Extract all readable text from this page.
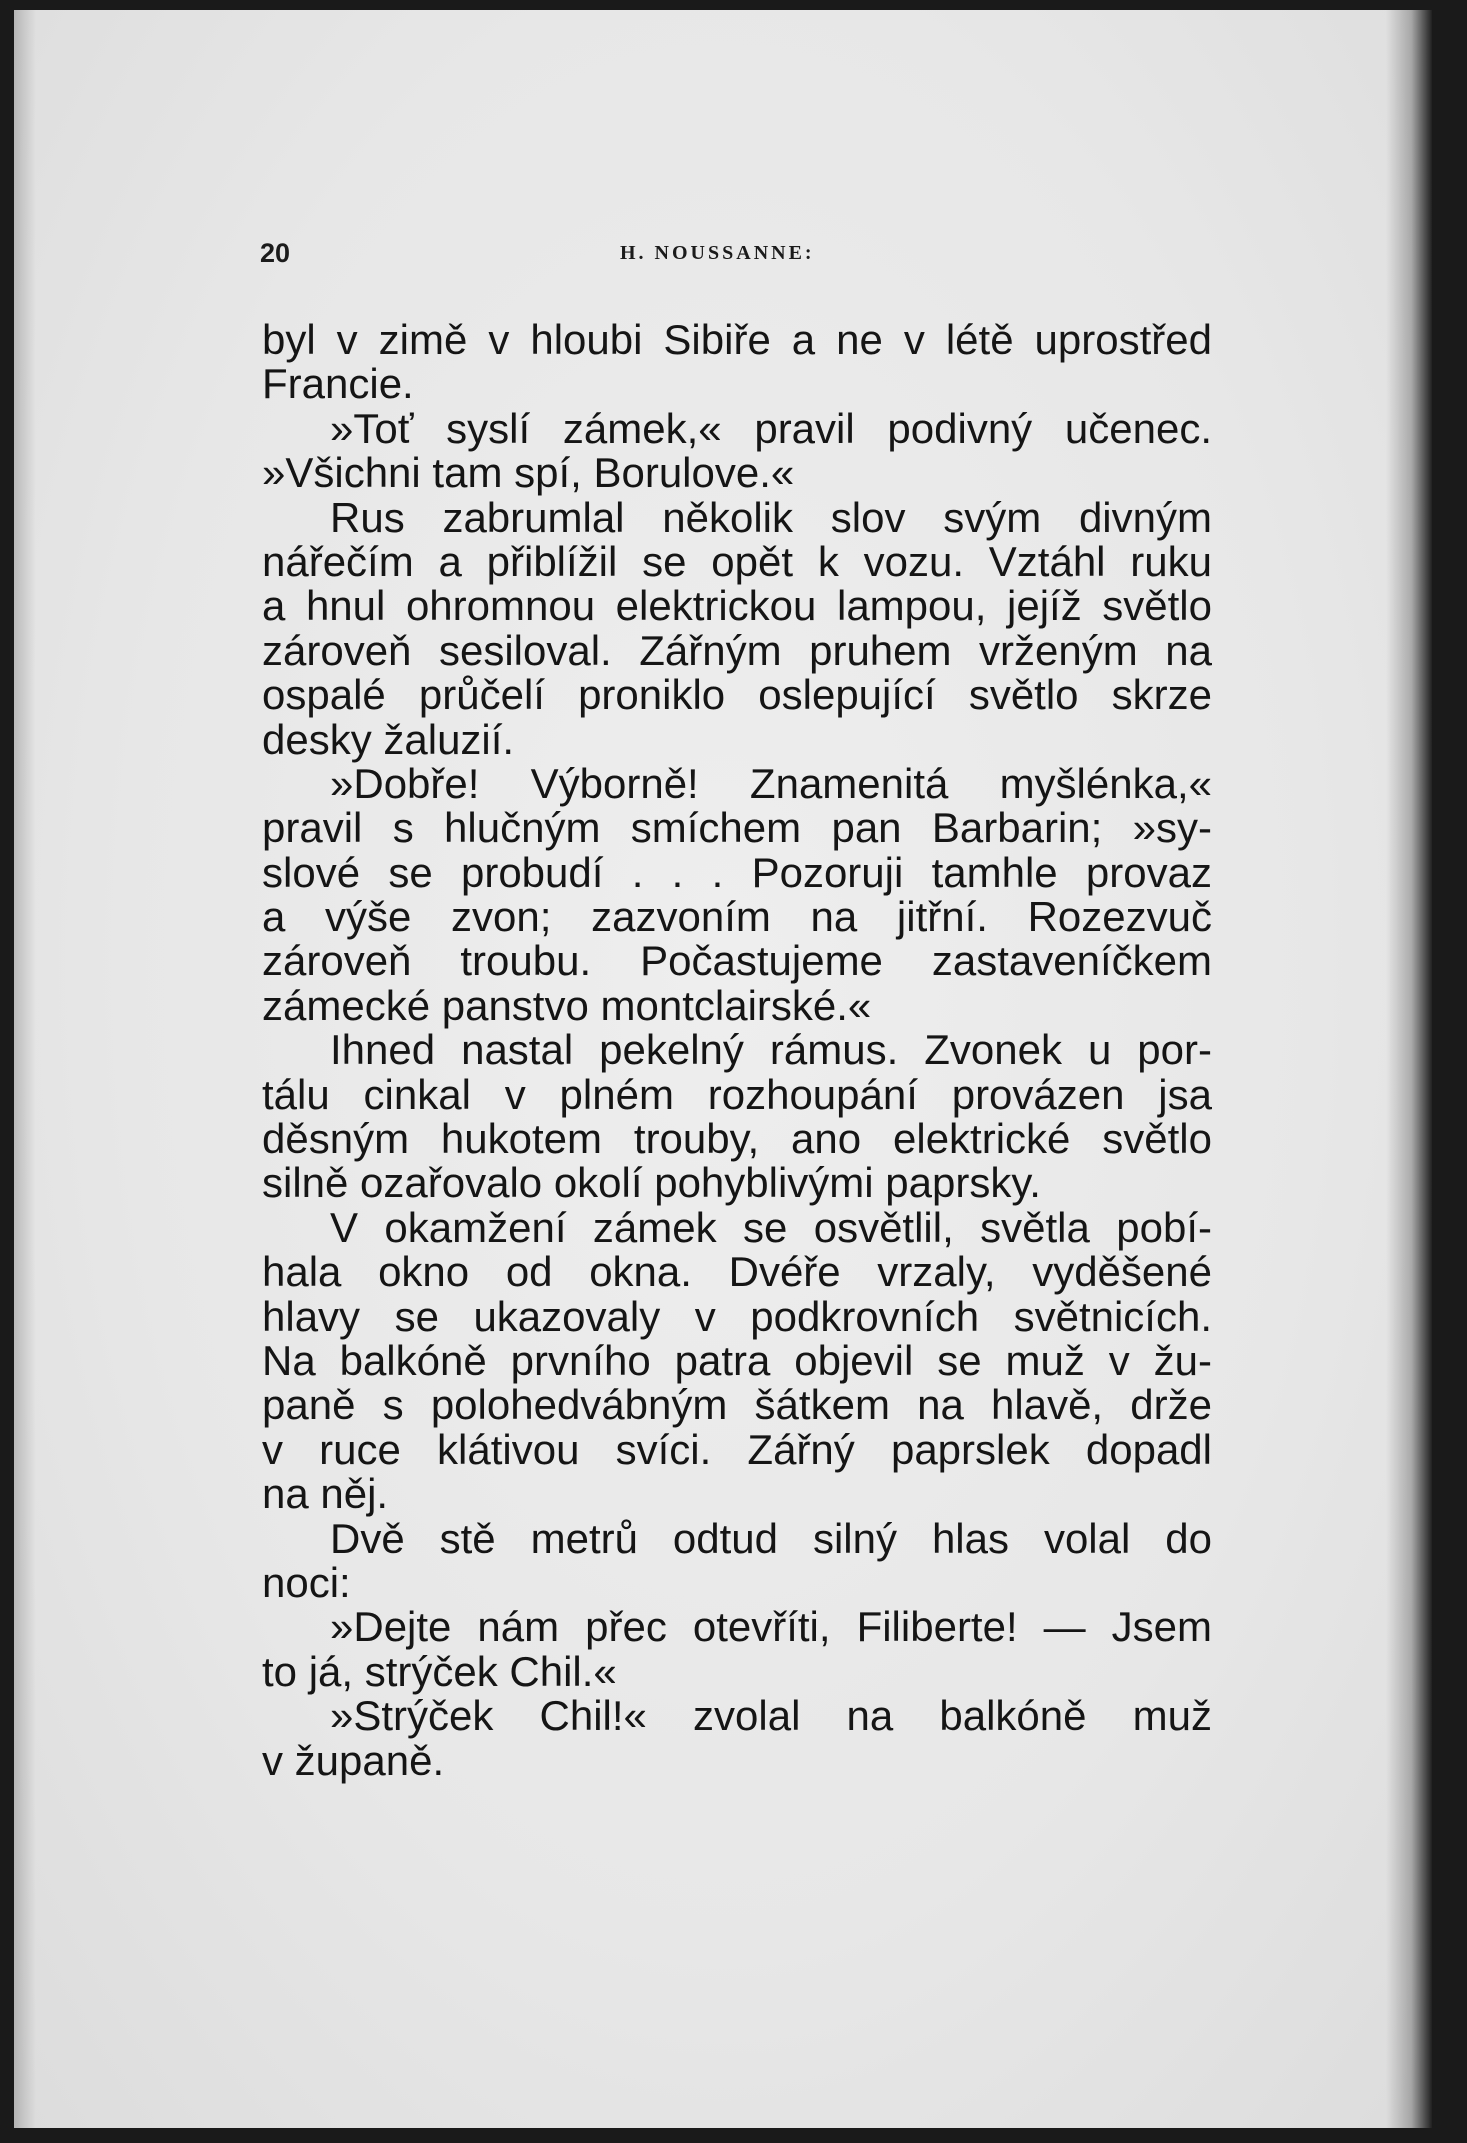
20	H. NOUSSANNE:
byl v zimě v hloubi Sibiře a ne v létě uprostřed
Francie.
»Toť syslí zámek,« pravil podivný učenec.
»Všichni tam spí, Borulove.«
Rus zabrumlal několik slov svým divným
nářečím a přiblížil se opět k vozu. Vztáhl ruku
a hnul ohromnou elektrickou lampou, jejíž světlo
zároveň sesiloval. Zářným pruhem vrženým na
ospalé průčelí proniklo oslepující světlo skrze
desky žaluzií.
»Dobře! Výborně! Znamenitá myšlénka,«
pravil s hlučným smíchem pan Barbarin; »sy-
slové se probudí . . . Pozoruji tamhle provaz
a výše zvon; zazvoním na jitřní. Rozezvuč
zároveň troubu. Počastujeme zastaveníčkem
zámecké panstvo montclairské.«
Ihned nastal pekelný rámus. Zvonek u por-
tálu cinkal v plném rozhoupání provázen jsa
děsným hukotem trouby, ano elektrické světlo
silně ozařovalo okolí pohyblivými paprsky.
V okamžení zámek se osvětlil, světla pobí-
hala okno od okna. Dvéře vrzaly, vyděšené
hlavy se ukazovaly v podkrovních světnicích.
Na balkóně prvního patra objevil se muž v žu-
paně s polohedvábným šátkem na hlavě, drže
v ruce klátivou svíci. Zářný paprslek dopadl
na něj.
Dvě stě metrů odtud silný hlas volal do
noci:
»Dejte nám přec otevříti, Filiberte! — Jsem
to já, strýček Chil.«
»Strýček Chil!« zvolal na balkóně muž
v županě.
